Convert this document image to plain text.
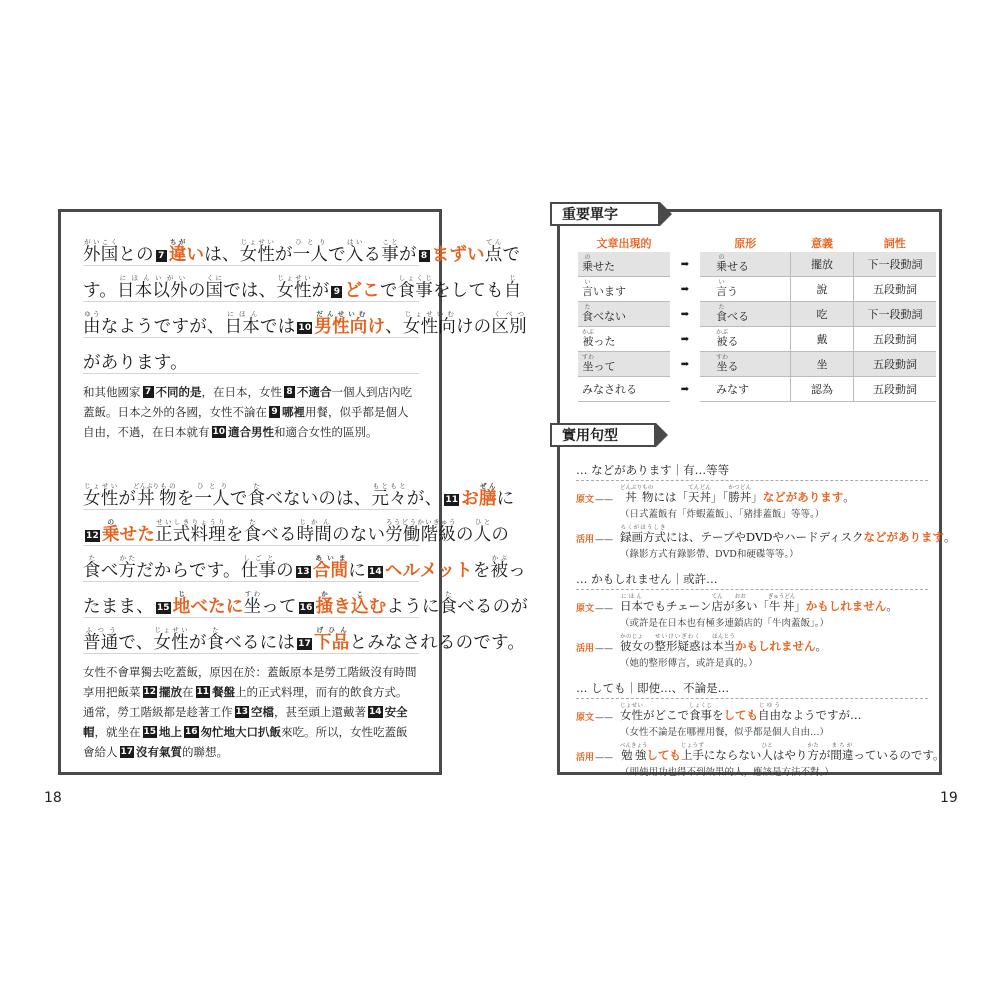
外国がいこくとの 7 違ちがいは、女性じょせいが一人ひとりで入はいる事ことが 8 まずい点てんで
す。日本以外にほんいがいの国くにでは、女性じょせいが 9 どこで食事しょくじをしても自じ
由ゆうなようですが、日本にほんでは 10 男性向だんせいむけ、女性向じょせいむけの区別くべつ
があります。
和其他國家 7 不同的是，在日本，女性 8 不適合一個人到店內吃蓋飯。日本之外的各國，女性不論在 9 哪裡用餐，似乎都是個人自由，不過，在日本就有 10 適合男性和適合女性的區別。
女性じょせいが丼どんぶり物ものを一人ひとりで食たべないのは、元々もともとが、 11 お膳ぜんに
12 乗のせた正式料理せいしきりょうりを食たべる時間じかんのない労働階級ろうどうかいきゅうの人ひとの
食たべ方かただからです。仕事しごとの 13 合間あいまに 14 ヘルメットを被かぶっ
たまま、 15 地じべたに坐すわって 16 掻かき込こむように食たべるのが
普通ふつうで、女性じょせいが食たべるには 17 下品げひんとみなされるのです。
女性不會單獨去吃蓋飯，原因在於：蓋飯原本是勞工階級沒有時間享用把飯菜 12 擺放在 11 餐盤上的正式料理，而有的飲食方式。通常，勞工階級都是趁著工作 13 空檔，甚至頭上還戴著 14 安全帽，就坐在 15 地上 16 匆忙地大口扒飯來吃。所以，女性吃蓋飯會給人 17 沒有氣質的聯想。
18
重要單字
文章出現的		原形	意義	詞性
乗のせた	➡	乗のせる	擺放	下一段動詞
言いいます	➡	言いう	說	五段動詞
食たべない	➡	食たべる	吃	下一段動詞
被かぶった	➡	被かぶる	戴	五段動詞
坐すわって	➡	坐すわる	坐	五段動詞
みなされる	➡	みなす	認為	五段動詞
實用句型
… などがあります｜有…等等
原文 ——	丼どんぶり物ものには「天丼てんどん」「勝丼かつどん」などがあります。
（日式蓋飯有「炸蝦蓋飯」、「豬排蓋飯」等等。）
活用 ——	録画方式ろくがほうしきには、テープやDVDやハードディスクなどがあります。
（錄影方式有錄影帶、DVD和硬碟等等。）
… かもしれません｜或許…
原文 ——	日本にほんでもチェーン店てんが多おおい「牛丼ぎゅうどん」かもしれません。
（或許是在日本也有極多連鎖店的「牛肉蓋飯」。）
活用 ——	彼女かのじょの整形疑惑せいけいぎわくは本当ほんとうかもしれません。
（她的整形傳言，或許是真的。）
… しても｜即使…、不論是…
原文 ——	女性じょせいがどこで食事しょくじをしても自由じゆうなようですが…
（女性不論是在哪裡用餐，似乎都是個人自由…）
活用 ——	勉強べんきょうしても上手じょうずにならない人ひとはやり方かたが間違まちがっているのです。
（即使用功也得不到效果的人，應該是方法不對。）
19
